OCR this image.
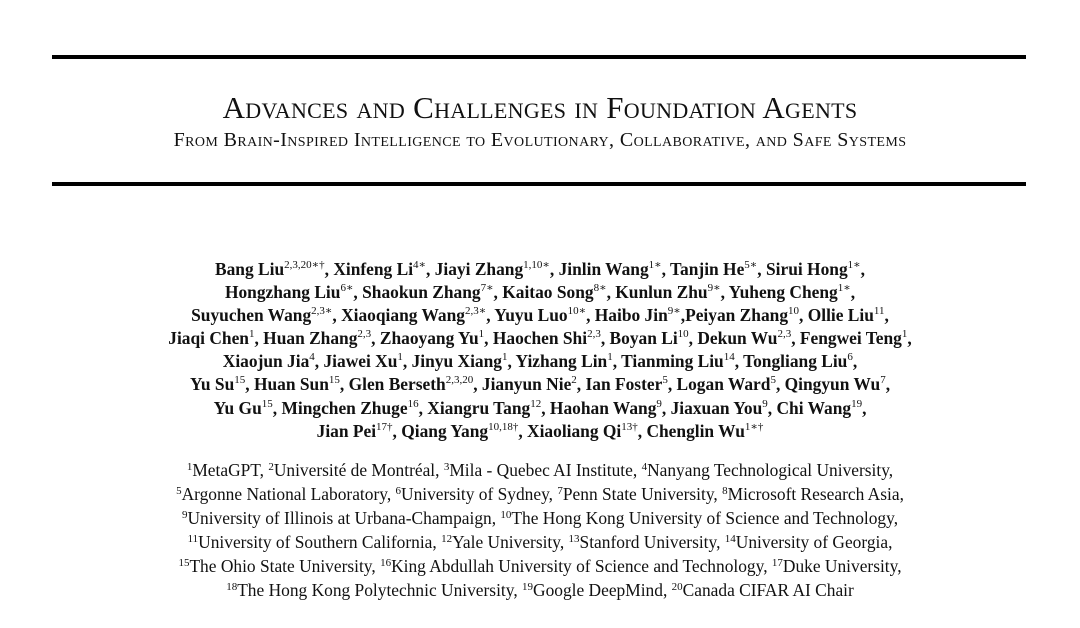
Advances and Challenges in Foundation Agents
From Brain-Inspired Intelligence to Evolutionary, Collaborative, and Safe Systems
Bang Liu$^{2,3,20∗\dagger}$, Xinfeng $Li^{4∗}$, Jiayi Zhang$^{1,10∗}$, Jinlin Wang$^{1∗}$, Tanjin $He^{5∗}$, Sirui Hong$^{1∗}$,
Hongzhang Liu$^{6∗}$, Shaokun Zhang$^{7∗}$, Kaitao Song$^{8∗}$, Kunlun Zhu$^{9∗}$, Yuheng Cheng$^{1∗}$,
Suyuchen Wang$^{2,3∗}$, Xiaoqiang Wang$^{2,3∗}$, Yuyu Luo$^{10∗}$, Haibo Jin$^{9∗}$,Peiyan Zhang$^{10}$, Ollie Liu$^{11}$,
Jiaqi Chen$^1$, Huan Zhang$^{2,3}$, Zhaoyang Yu$^1$, Haochen Shi$^{2,3}$, Boyan Li$^{10}$, Dekun Wu$^{2,3}$, Fengwei Teng$^1$,
Xiaojun Jia$^4$, Jiawei Xu$^1$, Jinyu Xiang$^1$, Yizhang Lin$^1$, Tianming Liu$^{14}$, Tongliang Liu$^6$,
Yu Su$^{15}$, Huan Sun$^{15}$, Glen Berseth$^{2,3,20}$, Jianyun Nie$^2$, Ian Foster$^5$, Logan Ward$^5$, Qingyun Wu$^7$,
Yu Gu$^{15}$, Mingchen Zhuge$^{16}$, Xiangru Tang$^{12}$, Haohan Wang$^9$, Jiaxuan You$^9$, Chi Wang$^{19}$,
Jian Pei$^{17\dagger}$, Qiang Yang$^{10,18\dagger}$, Xiaoliang $Qi^{13\dagger}$, Chenglin $Wu^{1∗\dagger}$
$^1$MetaGPT, $^2$Université de Montréal, $^3$Mila - Quebec AI Institute, $^4$Nanyang Technological University,
$^5$Argonne National Laboratory, $^6$University of Sydney, $^7$Penn State University, $^8$Microsoft Research Asia,
$^9$University of Illinois at Urbana-Champaign, $^{10}$The Hong Kong University of Science and Technology,
$^{11}$University of Southern California, $^{12}$Yale University, $^{13}$Stanford University, $^{14}$University of Georgia,
$^{15}$The Ohio State University, $^{16}$King Abdullah University of Science and Technology, $^{17}$Duke University,
$^{18}$The Hong Kong Polytechnic University, $^{19}$Google DeepMind, $^{20}$Canada CIFAR AI Chair
